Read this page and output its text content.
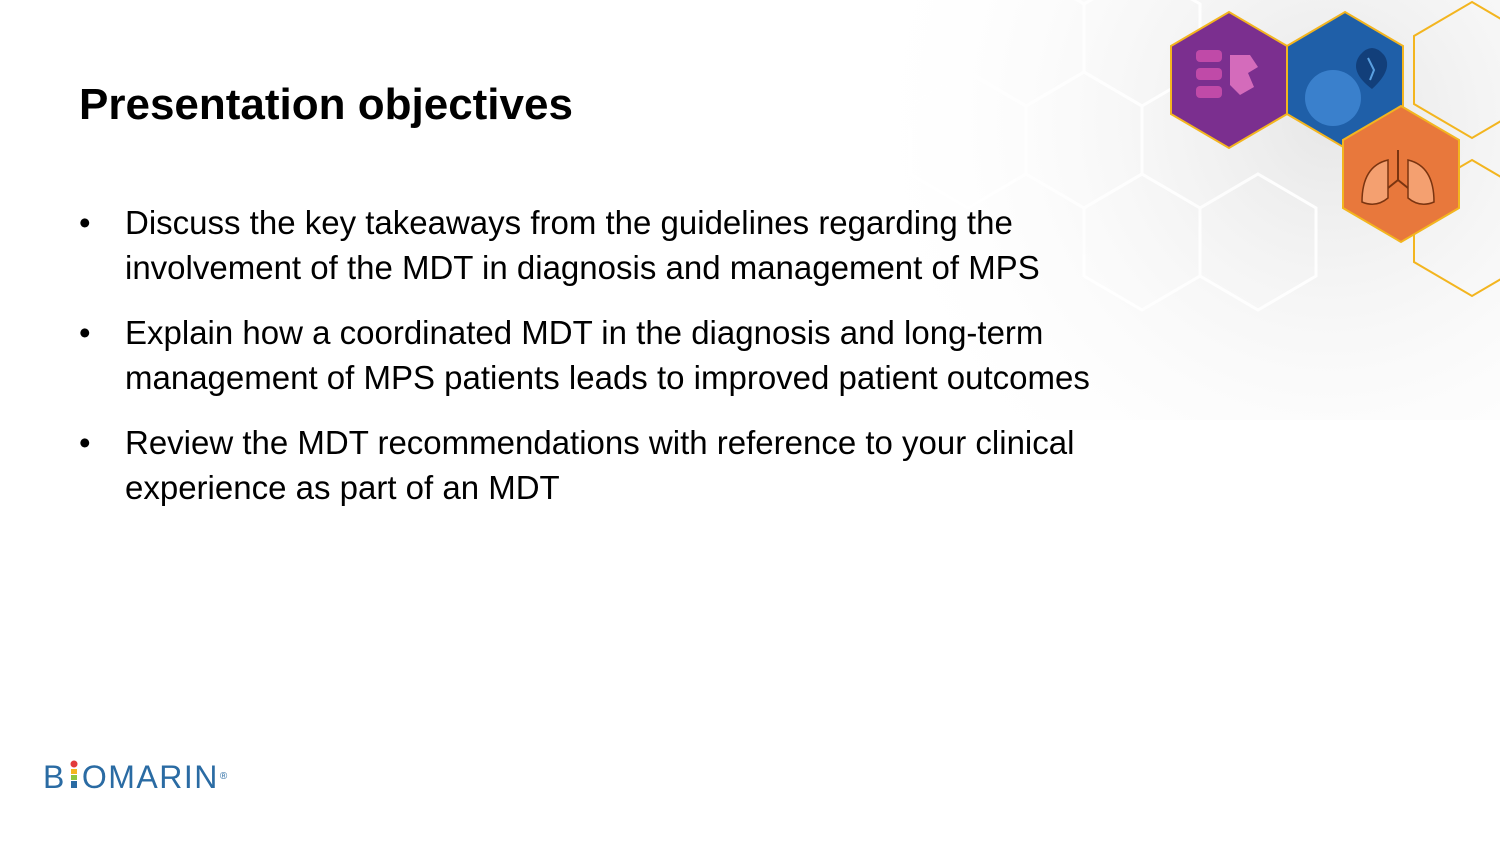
Presentation objectives
•	Discuss the key takeaways from the guidelines regarding the
involvement of the MDT in diagnosis and management of MPS
•	Explain how a coordinated MDT in the diagnosis and long-term
management of MPS patients leads to improved patient outcomes
•	Review the MDT recommendations with reference to your clinical
experience as part of an MDT
B OMARIN®
